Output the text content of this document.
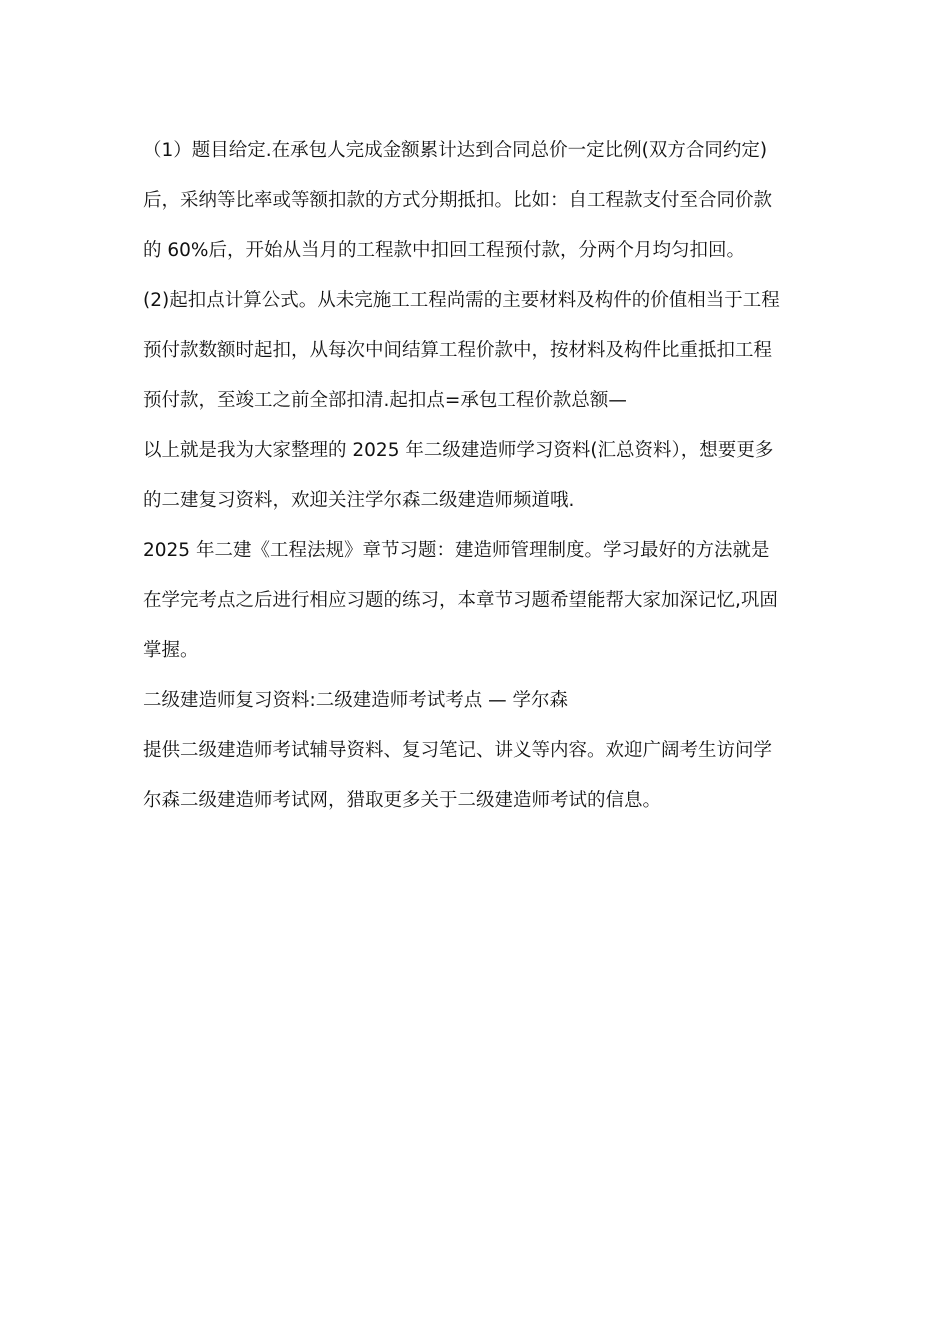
（1）题目给定.在承包人完成金额累计达到合同总价一定比例(双方合同约定)
后，采纳等比率或等额扣款的方式分期抵扣。比如：自工程款支付至合同价款
的 60%后，开始从当月的工程款中扣回工程预付款，分两个月均匀扣回。
(2)起扣点计算公式。从未完施工工程尚需的主要材料及构件的价值相当于工程
预付款数额时起扣，从每次中间结算工程价款中，按材料及构件比重抵扣工程
预付款，至竣工之前全部扣清.起扣点=承包工程价款总额—
以上就是我为大家整理的 2025 年二级建造师学习资料(汇总资料），想要更多
的二建复习资料，欢迎关注学尔森二级建造师频道哦.
2025 年二建《工程法规》章节习题：建造师管理制度。学习最好的方法就是
在学完考点之后进行相应习题的练习，本章节习题希望能帮大家加深记忆,巩固
掌握。
二级建造师复习资料:二级建造师考试考点 — 学尔森
提供二级建造师考试辅导资料、复习笔记、讲义等内容。欢迎广阔考生访问学
尔森二级建造师考试网，猎取更多关于二级建造师考试的信息。
